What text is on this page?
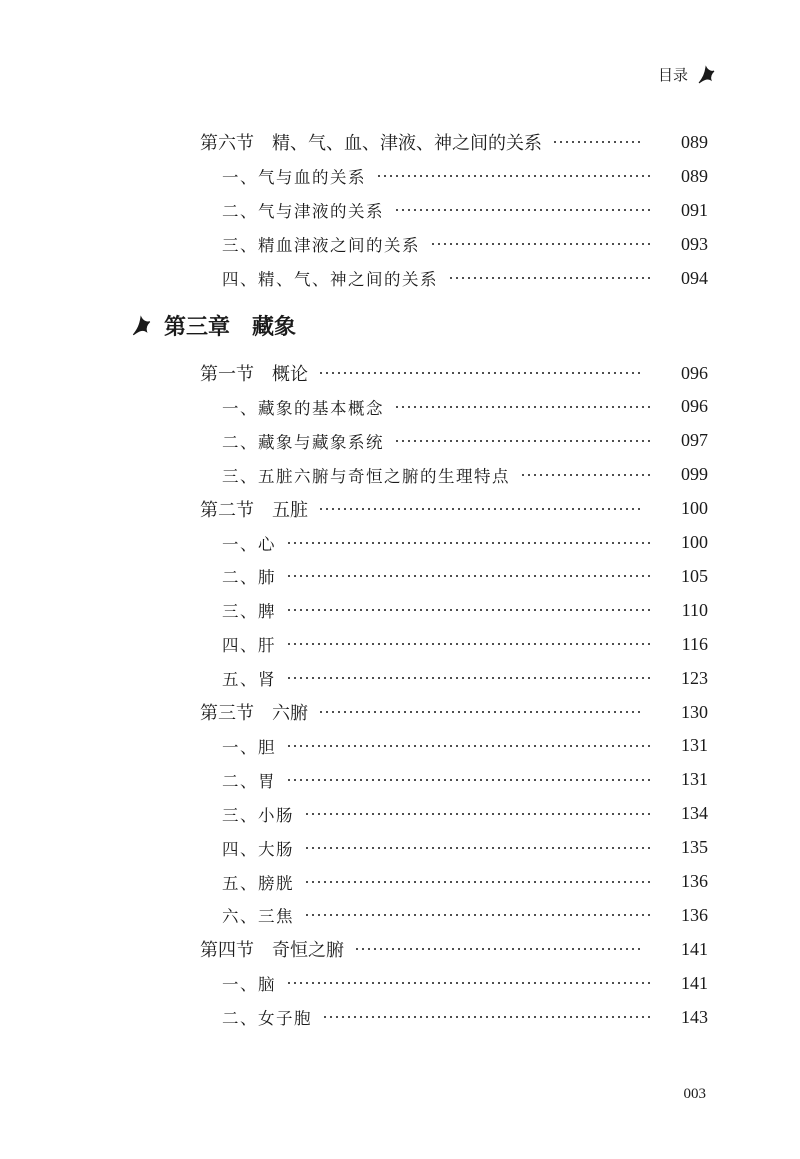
目录
第六节　精、气、血、津液、神之间的关系	089
一、气与血的关系	089
二、气与津液的关系	091
三、精血津液之间的关系	093
四、精、气、神之间的关系	094
第三章　藏象
第一节　概论	096
一、藏象的基本概念	096
二、藏象与藏象系统	097
三、五脏六腑与奇恒之腑的生理特点	099
第二节　五脏	100
一、心	100
二、肺	105
三、脾	110
四、肝	116
五、肾	123
第三节　六腑	130
一、胆	131
二、胃	131
三、小肠	134
四、大肠	135
五、膀胱	136
六、三焦	136
第四节　奇恒之腑	141
一、脑	141
二、女子胞	143
003
